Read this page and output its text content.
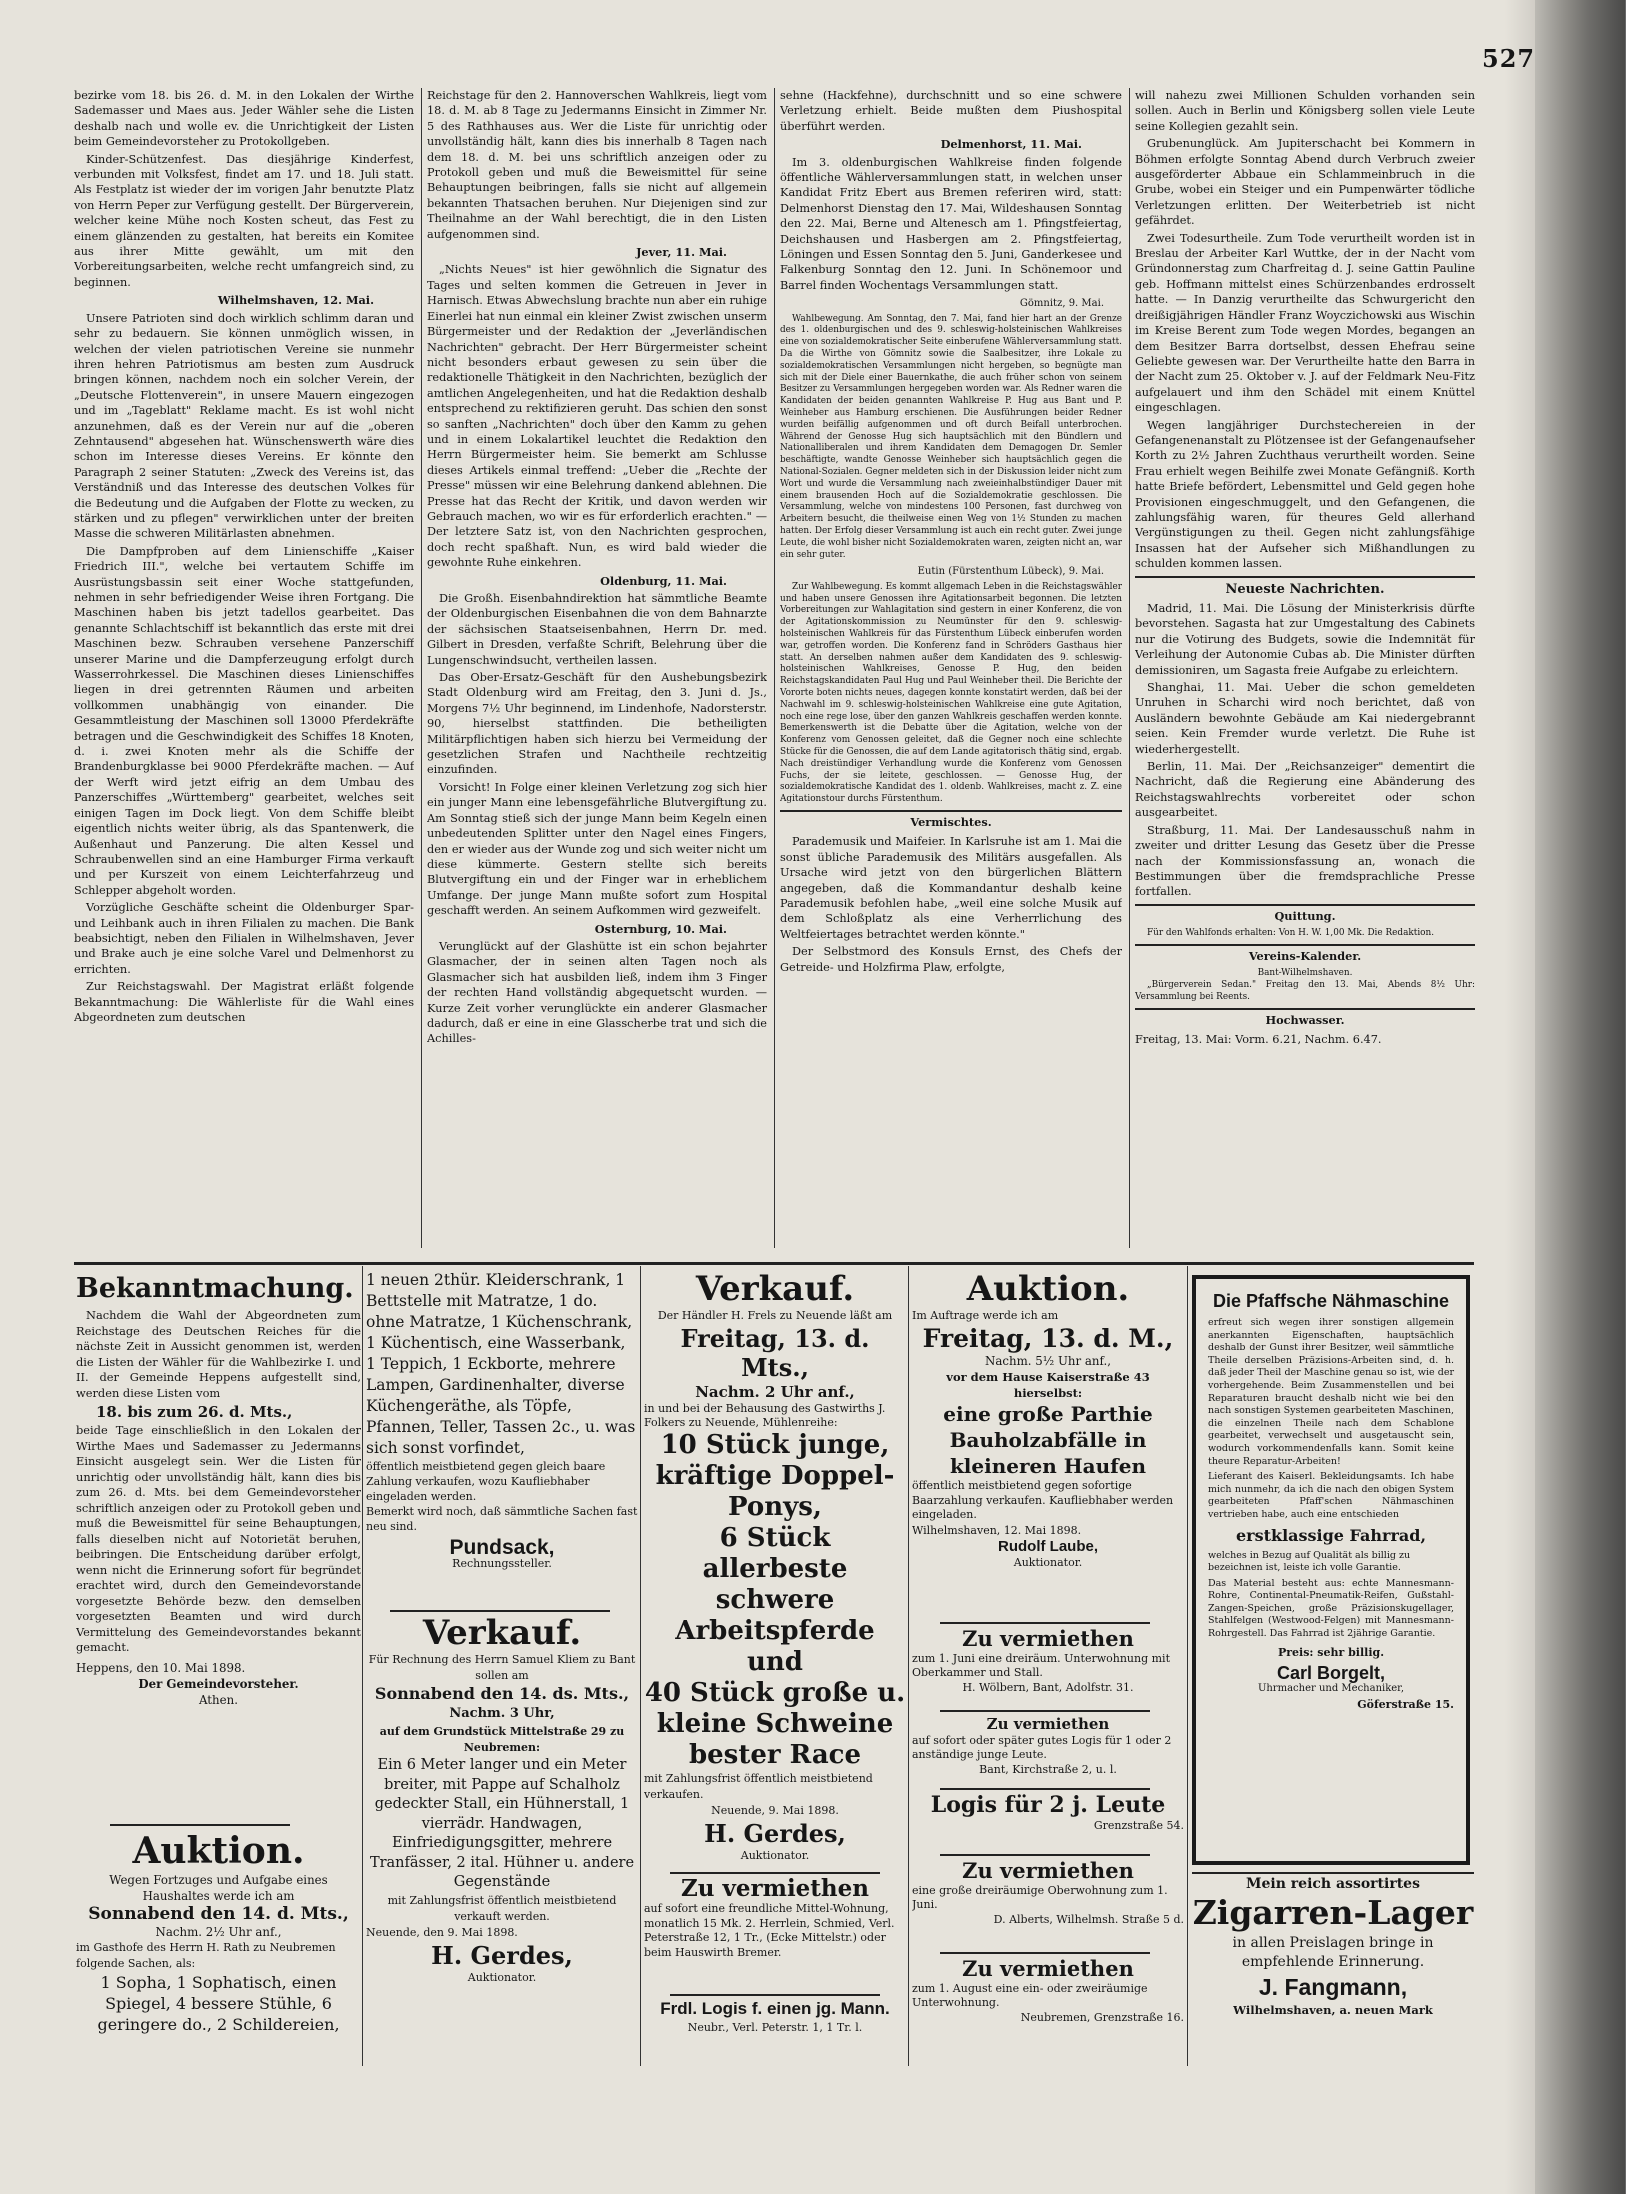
527

bezirke vom 18. bis 26. d. M. in den Lokalen der Wirthe Sademasser und Maes aus. Jeder Wähler sehe die Listen deshalb nach und wolle ev. die Unrichtigkeit der Listen beim Gemeindevorsteher zu Protokollgeben.

Kinder-Schützenfest. Das diesjährige Kinderfest, verbunden mit Volksfest, findet am 17. und 18. Juli statt. Als Festplatz ist wieder der im vorigen Jahr benutzte Platz von Herrn Peper zur Verfügung gestellt. Der Bürgerverein, welcher keine Mühe noch Kosten scheut, das Fest zu einem glänzenden zu gestalten, hat bereits ein Komitee aus ihrer Mitte gewählt, um mit den Vorbereitungsarbeiten, welche recht umfangreich sind, zu beginnen.

Wilhelmshaven, 12. Mai.

Unsere Patrioten sind doch wirklich schlimm daran und sehr zu bedauern. Sie können unmöglich wissen, in welchen der vielen patriotischen Vereine sie nunmehr ihren hehren Patriotismus am besten zum Ausdruck bringen können, nachdem noch ein solcher Verein, der „Deutsche Flottenverein", in unsere Mauern eingezogen und im „Tageblatt" Reklame macht. Es ist wohl nicht anzunehmen, daß es der Verein nur auf die „oberen Zehntausend" abgesehen hat. Wünschenswerth wäre dies schon im Interesse dieses Vereins. Er könnte den Paragraph 2 seiner Statuten: „Zweck des Vereins ist, das Verständniß und das Interesse des deutschen Volkes für die Bedeutung und die Aufgaben der Flotte zu wecken, zu stärken und zu pflegen" verwirklichen unter der breiten Masse die schweren Militärlasten abnehmen.

Die Dampfproben auf dem Linienschiffe „Kaiser Friedrich III.", welche bei vertautem Schiffe im Ausrüstungsbassin seit einer Woche stattgefunden, nehmen in sehr befriedigender Weise ihren Fortgang. Die Maschinen haben bis jetzt tadellos gearbeitet. Das genannte Schlachtschiff ist bekanntlich das erste mit drei Maschinen bezw. Schrauben versehene Panzerschiff unserer Marine und die Dampferzeugung erfolgt durch Wasserrohrkessel. Die Maschinen dieses Linienschiffes liegen in drei getrennten Räumen und arbeiten vollkommen unabhängig von einander. Die Gesammtleistung der Maschinen soll 13000 Pferdekräfte betragen und die Geschwindigkeit des Schiffes 18 Knoten, d. i. zwei Knoten mehr als die Schiffe der Brandenburgklasse bei 9000 Pferdekräfte machen. — Auf der Werft wird jetzt eifrig an dem Umbau des Panzerschiffes „Württemberg" gearbeitet, welches seit einigen Tagen im Dock liegt. Von dem Schiffe bleibt eigentlich nichts weiter übrig, als das Spantenwerk, die Außenhaut und Panzerung. Die alten Kessel und Schraubenwellen sind an eine Hamburger Firma verkauft und per Kurszeit von einem Leichterfahrzeug und Schlepper abgeholt worden.

Vorzügliche Geschäfte scheint die Oldenburger Spar- und Leihbank auch in ihren Filialen zu machen. Die Bank beabsichtigt, neben den Filialen in Wilhelmshaven, Jever und Brake auch je eine solche Varel und Delmenhorst zu errichten.

Zur Reichstagswahl. Der Magistrat erläßt folgende Bekanntmachung: Die Wählerliste für die Wahl eines Abgeordneten zum deutschen

Reichstage für den 2. Hannoverschen Wahlkreis, liegt vom 18. d. M. ab 8 Tage zu Jedermanns Einsicht in Zimmer Nr. 5 des Rathhauses aus. Wer die Liste für unrichtig oder unvollständig hält, kann dies bis innerhalb 8 Tagen nach dem 18. d. M. bei uns schriftlich anzeigen oder zu Protokoll geben und muß die Beweismittel für seine Behauptungen beibringen, falls sie nicht auf allgemein bekannten Thatsachen beruhen. Nur Diejenigen sind zur Theilnahme an der Wahl berechtigt, die in den Listen aufgenommen sind.

Jever, 11. Mai.

„Nichts Neues" ist hier gewöhnlich die Signatur des Tages und selten kommen die Getreuen in Jever in Harnisch. Etwas Abwechslung brachte nun aber ein ruhige Einerlei hat nun einmal ein kleiner Zwist zwischen unserm Bürgermeister und der Redaktion der „Jeverländischen Nachrichten" gebracht. Der Herr Bürgermeister scheint nicht besonders erbaut gewesen zu sein über die redaktionelle Thätigkeit in den Nachrichten, bezüglich der amtlichen Angelegenheiten, und hat die Redaktion deshalb entsprechend zu rektifizieren geruht. Das schien den sonst so sanften „Nachrichten" doch über den Kamm zu gehen und in einem Lokalartikel leuchtet die Redaktion den Herrn Bürgermeister heim. Sie bemerkt am Schlusse dieses Artikels einmal treffend: „Ueber die „Rechte der Presse" müssen wir eine Belehrung dankend ablehnen. Die Presse hat das Recht der Kritik, und davon werden wir Gebrauch machen, wo wir es für erforderlich erachten." — Der letztere Satz ist, von den Nachrichten gesprochen, doch recht spaßhaft. Nun, es wird bald wieder die gewohnte Ruhe einkehren.

Oldenburg, 11. Mai.

Die Großh. Eisenbahndirektion hat sämmtliche Beamte der Oldenburgischen Eisenbahnen die von dem Bahnarzte der sächsischen Staatseisenbahnen, Herrn Dr. med. Gilbert in Dresden, verfaßte Schrift, Belehrung über die Lungenschwindsucht, vertheilen lassen.

Das Ober-Ersatz-Geschäft für den Aushebungsbezirk Stadt Oldenburg wird am Freitag, den 3. Juni d. Js., Morgens 7½ Uhr beginnend, im Lindenhofe, Nadorsterstr. 90, hierselbst stattfinden. Die betheiligten Militärpflichtigen haben sich hierzu bei Vermeidung der gesetzlichen Strafen und Nachtheile rechtzeitig einzufinden.

Vorsicht! In Folge einer kleinen Verletzung zog sich hier ein junger Mann eine lebensgefährliche Blutvergiftung zu. Am Sonntag stieß sich der junge Mann beim Kegeln einen unbedeutenden Splitter unter den Nagel eines Fingers, den er wieder aus der Wunde zog und sich weiter nicht um diese kümmerte. Gestern stellte sich bereits Blutvergiftung ein und der Finger war in erheblichem Umfange. Der junge Mann mußte sofort zum Hospital geschafft werden. An seinem Aufkommen wird gezweifelt.

Osternburg, 10. Mai.

Verunglückt auf der Glashütte ist ein schon bejahrter Glasmacher, der in seinen alten Tagen noch als Glasmacher sich hat ausbilden ließ, indem ihm 3 Finger der rechten Hand vollständig abgequetscht wurden. — Kurze Zeit vorher verunglückte ein anderer Glasmacher dadurch, daß er eine in eine Glasscherbe trat und sich die Achilles-

sehne (Hackfehne), durchschnitt und so eine schwere Verletzung erhielt. Beide mußten dem Piushospital überführt werden.

Delmenhorst, 11. Mai.

Im 3. oldenburgischen Wahlkreise finden folgende öffentliche Wählerversammlungen statt, in welchen unser Kandidat Fritz Ebert aus Bremen referiren wird, statt: Delmenhorst Dienstag den 17. Mai, Wildeshausen Sonntag den 22. Mai, Berne und Altenesch am 1. Pfingstfeiertag, Deichshausen und Hasbergen am 2. Pfingstfeiertag, Löningen und Essen Sonntag den 5. Juni, Ganderkesee und Falkenburg Sonntag den 12. Juni. In Schönemoor und Barrel finden Wochentags Versammlungen statt.

Gömnitz, 9. Mai.

Wahlbewegung. Am Sonntag, den 7. Mai, fand hier hart an der Grenze des 1. oldenburgischen und des 9. schleswig-holsteinischen Wahlkreises eine von sozialdemokratischer Seite einberufene Wählerversammlung statt. Da die Wirthe von Gömnitz sowie die Saalbesitzer, ihre Lokale zu sozialdemokratischen Versammlungen nicht hergeben, so begnügte man sich mit der Diele einer Bauernkathe, die auch früher schon von seinem Besitzer zu Versammlungen hergegeben worden war. Als Redner waren die Kandidaten der beiden genannten Wahlkreise P. Hug aus Bant und P. Weinheber aus Hamburg erschienen. Die Ausführungen beider Redner wurden beifällig aufgenommen und oft durch Beifall unterbrochen. Während der Genosse Hug sich hauptsächlich mit den Bündlern und Nationalliberalen und ihrem Kandidaten dem Demagogen Dr. Semler beschäftigte, wandte Genosse Weinheber sich hauptsächlich gegen die National-Sozialen. Gegner meldeten sich in der Diskussion leider nicht zum Wort und wurde die Versammlung nach zweieinhalbstündiger Dauer mit einem brausenden Hoch auf die Sozialdemokratie geschlossen. Die Versammlung, welche von mindestens 100 Personen, fast durchweg von Arbeitern besucht, die theilweise einen Weg von 1½ Stunden zu machen hatten. Der Erfolg dieser Versammlung ist auch ein recht guter. Zwei junge Leute, die wohl bisher nicht Sozialdemokraten waren, zeigten nicht an, war ein sehr guter.

Eutin (Fürstenthum Lübeck), 9. Mai.

Zur Wahlbewegung. Es kommt allgemach Leben in die Reichstagswähler und haben unsere Genossen ihre Agitationsarbeit begonnen. Die letzten Vorbereitungen zur Wahlagitation sind gestern in einer Konferenz, die von der Agitationskommission zu Neumünster für den 9. schleswig-holsteinischen Wahlkreis für das Fürstenthum Lübeck einberufen worden war, getroffen worden. Die Konferenz fand in Schröders Gasthaus hier statt. An derselben nahmen außer dem Kandidaten des 9. schleswig-holsteinischen Wahlkreises, Genosse P. Hug, den beiden Reichstagskandidaten Paul Hug und Paul Weinheber theil. Die Berichte der Vororte boten nichts neues, dagegen konnte konstatirt werden, daß bei der Nachwahl im 9. schleswig-holsteinischen Wahlkreise eine gute Agitation, noch eine rege lose, über den ganzen Wahlkreis geschaffen werden konnte. Bemerkenswerth ist die Debatte über die Agitation, welche von der Konferenz vom Genossen geleitet, daß die Gegner noch eine schlechte Stücke für die Genossen, die auf dem Lande agitatorisch thätig sind, ergab. Nach dreistündiger Verhandlung wurde die Konferenz vom Genossen Fuchs, der sie leitete, geschlossen. — Genosse Hug, der sozialdemokratische Kandidat des 1. oldenb. Wahlkreises, macht z. Z. eine Agitationstour durchs Fürstenthum.

Vermischtes.

Parademusik und Maifeier. In Karlsruhe ist am 1. Mai die sonst übliche Parademusik des Militärs ausgefallen. Als Ursache wird jetzt von den bürgerlichen Blättern angegeben, daß die Kommandantur deshalb keine Parademusik befohlen habe, „weil eine solche Musik auf dem Schloßplatz als eine Verherrlichung des Weltfeiertages betrachtet werden könnte."

Der Selbstmord des Konsuls Ernst, des Chefs der Getreide- und Holzfirma Plaw, erfolgte,

will nahezu zwei Millionen Schulden vorhanden sein sollen. Auch in Berlin und Königsberg sollen viele Leute seine Kollegien gezahlt sein.

Grubenunglück. Am Jupiterschacht bei Kommern in Böhmen erfolgte Sonntag Abend durch Verbruch zweier ausgeförderter Abbaue ein Schlammeinbruch in die Grube, wobei ein Steiger und ein Pumpenwärter tödliche Verletzungen erlitten. Der Weiterbetrieb ist nicht gefährdet.

Zwei Todesurtheile. Zum Tode verurtheilt worden ist in Breslau der Arbeiter Karl Wuttke, der in der Nacht vom Gründonnerstag zum Charfreitag d. J. seine Gattin Pauline geb. Hoffmann mittelst eines Schürzenbandes erdrosselt hatte. — In Danzig verurtheilte das Schwurgericht den dreißigjährigen Händler Franz Woyczichowski aus Wischin im Kreise Berent zum Tode wegen Mordes, begangen an dem Besitzer Barra dortselbst, dessen Ehefrau seine Geliebte gewesen war. Der Verurtheilte hatte den Barra in der Nacht zum 25. Oktober v. J. auf der Feldmark Neu-Fitz aufgelauert und ihm den Schädel mit einem Knüttel eingeschlagen.

Wegen langjähriger Durchstechereien in der Gefangenenanstalt zu Plötzensee ist der Gefangenaufseher Korth zu 2½ Jahren Zuchthaus verurtheilt worden. Seine Frau erhielt wegen Beihilfe zwei Monate Gefängniß. Korth hatte Briefe befördert, Lebensmittel und Geld gegen hohe Provisionen eingeschmuggelt, und den Gefangenen, die zahlungsfähig waren, für theures Geld allerhand Vergünstigungen zu theil. Gegen nicht zahlungsfähige Insassen hat der Aufseher sich Mißhandlungen zu schulden kommen lassen.

Neueste Nachrichten.

Madrid, 11. Mai. Die Lösung der Ministerkrisis dürfte bevorstehen. Sagasta hat zur Umgestaltung des Cabinets nur die Votirung des Budgets, sowie die Indemnität für Verleihung der Autonomie Cubas ab. Die Minister dürften demissioniren, um Sagasta freie Aufgabe zu erleichtern.

Shanghai, 11. Mai. Ueber die schon gemeldeten Unruhen in Scharchi wird noch berichtet, daß von Ausländern bewohnte Gebäude am Kai niedergebrannt seien. Kein Fremder wurde verletzt. Die Ruhe ist wiederhergestellt.

Berlin, 11. Mai. Der „Reichsanzeiger" dementirt die Nachricht, daß die Regierung eine Abänderung des Reichstagswahlrechts vorbereitet oder schon ausgearbeitet.

Straßburg, 11. Mai. Der Landesausschuß nahm in zweiter und dritter Lesung das Gesetz über die Presse nach der Kommissionsfassung an, wonach die Bestimmungen über die fremdsprachliche Presse fortfallen.

Quittung.

Für den Wahlfonds erhalten: Von H. W. 1,00 Mk. Die Redaktion.

Vereins-Kalender.
Bant-Wilhelmshaven.

„Bürgerverein Sedan." Freitag den 13. Mai, Abends 8½ Uhr: Versammlung bei Reents.

Hochwasser.

Freitag, 13. Mai: Vorm. 6.21, Nachm. 6.47.

Bekanntmachung.

Nachdem die Wahl der Abgeordneten zum Reichstage des Deutschen Reiches für die nächste Zeit in Aussicht genommen ist, werden die Listen der Wähler für die Wahlbezirke I. und II. der Gemeinde Heppens aufgestellt sind, werden diese Listen vom

18. bis zum 26. d. Mts.,

beide Tage einschließlich in den Lokalen der Wirthe Maes und Sademasser zu Jedermanns Einsicht ausgelegt sein. Wer die Listen für unrichtig oder unvollständig hält, kann dies bis zum 26. d. Mts. bei dem Gemeindevorsteher schriftlich anzeigen oder zu Protokoll geben und muß die Beweismittel für seine Behauptungen, falls dieselben nicht auf Notorietät beruhen, beibringen. Die Entscheidung darüber erfolgt, wenn nicht die Erinnerung sofort für begründet erachtet wird, durch den Gemeindevorstande vorgesetzte Behörde bezw. den demselben vorgesetzten Beamten und wird durch Vermittelung des Gemeindevorstandes bekannt gemacht.

Heppens, den 10. Mai 1898.
Der Gemeindevorsteher.
Athen.
Auktion.
Wegen Fortzuges und Aufgabe eines Haushaltes werde ich am
Sonnabend den 14. d. Mts.,
Nachm. 2½ Uhr anf.,
im Gasthofe des Herrn H. Rath zu Neubremen folgende Sachen, als:
1 Sopha, 1 Sophatisch, einen Spiegel, 4 bessere Stühle, 6 geringere do., 2 Schildereien,
1 neuen 2thür. Kleiderschrank, 1 Bettstelle mit Matratze, 1 do. ohne Matratze, 1 Küchenschrank, 1 Küchentisch, eine Wasserbank, 1 Teppich, 1 Eckborte, mehrere Lampen, Gardinenhalter, diverse Küchengeräthe, als Töpfe, Pfannen, Teller, Tassen 2c., u. was sich sonst vorfindet,

öffentlich meistbietend gegen gleich baare Zahlung verkaufen, wozu Kaufliebhaber eingeladen werden.

Bemerkt wird noch, daß sämmtliche Sachen fast neu sind.

Pundsack,
Rechnungssteller.
Verkauf.
Für Rechnung des Herrn Samuel Kliem zu Bant sollen am
Sonnabend den 14. ds. Mts.,
Nachm. 3 Uhr,
auf dem Grundstück Mittelstraße 29 zu Neubremen:
Ein 6 Meter langer und ein Meter breiter, mit Pappe auf Schalholz gedeckter Stall, ein Hühnerstall, 1 vierrädr. Handwagen, Einfriedigungsgitter, mehrere Tranfässer, 2 ital. Hühner u. andere Gegenstände
mit Zahlungsfrist öffentlich meistbietend verkauft werden.
Neuende, den 9. Mai 1898.
H. Gerdes,
Auktionator.
Verkauf.
Der Händler H. Frels zu Neuende läßt am
Freitag, 13. d. Mts.,
Nachm. 2 Uhr anf.,
in und bei der Behausung des Gastwirths J. Folkers zu Neuende, Mühlenreihe:
10 Stück junge, kräftige Doppel-Ponys,
6 Stück allerbeste schwere Arbeitspferde und
40 Stück große u. kleine Schweine bester Race
mit Zahlungsfrist öffentlich meistbietend verkaufen.
Neuende, 9. Mai 1898.
H. Gerdes,
Auktionator.
Zu vermiethen
auf sofort eine freundliche Mittel-Wohnung, monatlich 15 Mk. 2. Herrlein, Schmied, Verl. Peterstraße 12, 1 Tr., (Ecke Mittelstr.) oder beim Hauswirth Bremer.
Frdl. Logis f. einen jg. Mann.
Neubr., Verl. Peterstr. 1, 1 Tr. l.
Auktion.
Im Auftrage werde ich am
Freitag, 13. d. M.,
Nachm. 5½ Uhr anf.,
vor dem Hause Kaiserstraße 43 hierselbst:
eine große Parthie Bauholzabfälle in kleineren Haufen
öffentlich meistbietend gegen sofortige Baarzahlung verkaufen. Kaufliebhaber werden eingeladen.
Wilhelmshaven, 12. Mai 1898.
Rudolf Laube,
Auktionator.
Zu vermiethen
zum 1. Juni eine dreiräum. Unterwohnung mit Oberkammer und Stall.
H. Wölbern, Bant, Adolfstr. 31.
Zu vermiethen
auf sofort oder später gutes Logis für 1 oder 2 anständige junge Leute.
Bant, Kirchstraße 2, u. l.
Logis für 2 j. Leute
Grenzstraße 54.
Zu vermiethen
eine große dreiräumige Oberwohnung zum 1. Juni.
D. Alberts, Wilhelmsh. Straße 5 d.
Zu vermiethen
zum 1. August eine ein- oder zweiräumige Unterwohnung.
Neubremen, Grenzstraße 16.
Die Pfaffsche Nähmaschine
erfreut sich wegen ihrer sonstigen allgemein anerkannten Eigenschaften, hauptsächlich deshalb der Gunst ihrer Besitzer, weil sämmtliche Theile derselben Präzisions-Arbeiten sind, d. h. daß jeder Theil der Maschine genau so ist, wie der vorhergehende. Beim Zusammenstellen und bei Reparaturen braucht deshalb nicht wie bei den nach sonstigen Systemen gearbeiteten Maschinen, die einzelnen Theile nach dem Schablone gearbeitet, verwechselt und ausgetauscht sein, wodurch vorkommendenfalls kann. Somit keine theure Reparatur-Arbeiten!
Lieferant des Kaiserl. Bekleidungsamts. Ich habe mich nunmehr, da ich die nach den obigen System gearbeiteten Pfaff'schen Nähmaschinen vertrieben habe, auch eine entschieden
erstklassige Fahrrad,
welches in Bezug auf Qualität als billig zu bezeichnen ist, leiste ich volle Garantie.
Das Material besteht aus: echte Mannesmann-Rohre, Continental-Pneumatik-Reifen, Gußstahl-Zangen-Speichen, große Präzisionskugellager, Stahlfelgen (Westwood-Felgen) mit Mannesmann-Rohrgestell. Das Fahrrad ist 2jährige Garantie.
Preis: sehr billig.
Carl Borgelt,
Uhrmacher und Mechaniker,
Göferstraße 15.
Mein reich assortirtes
Zigarren-Lager
in allen Preislagen bringe in empfehlende Erinnerung.
J. Fangmann,
Wilhelmshaven, a. neuen Mark
